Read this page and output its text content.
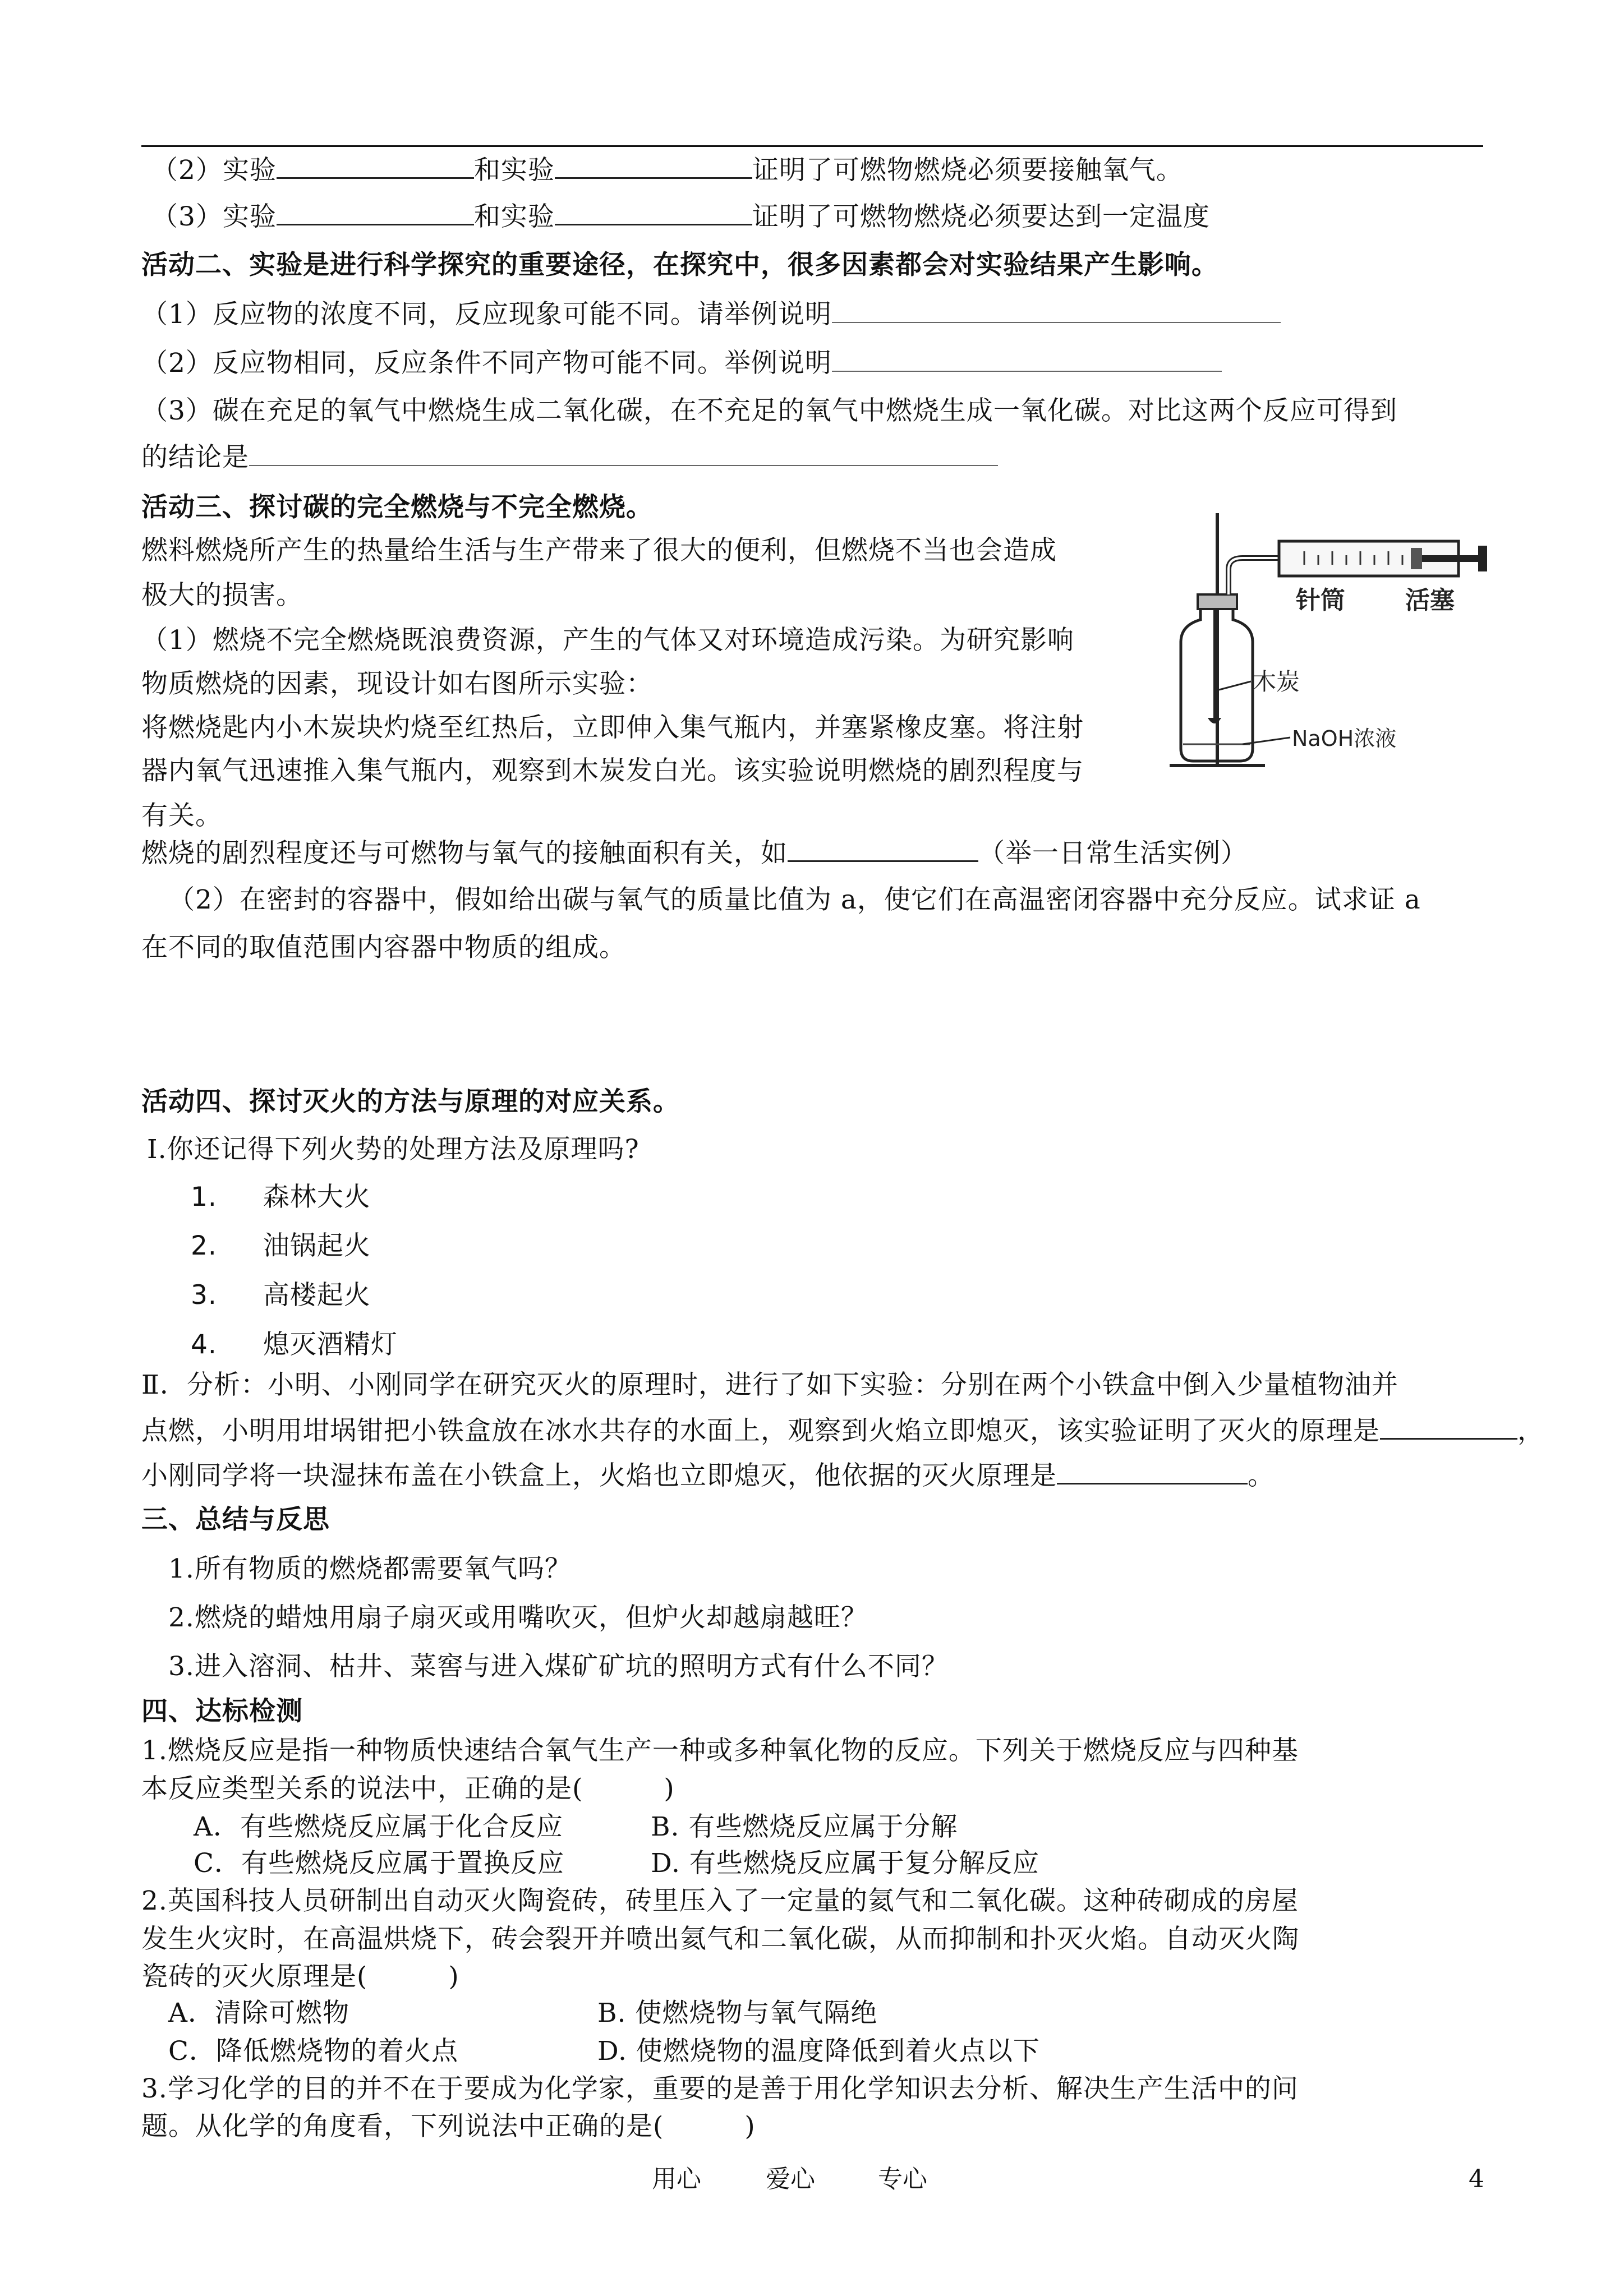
（2）实验	和实验	证明了可燃物燃烧必须要接触氧气。
（3）实验	和实验	证明了可燃物燃烧必须要达到一定温度
活动二、实验是进行科学探究的重要途径，在探究中，很多因素都会对实验结果产生影响。
（1）反应物的浓度不同，反应现象可能不同。请举例说明
（2）反应物相同，反应条件不同产物可能不同。举例说明
（3）碳在充足的氧气中燃烧生成二氧化碳，在不充足的氧气中燃烧生成一氧化碳。对比这两个反应可得到
的结论是
活动三、探讨碳的完全燃烧与不完全燃烧。
燃料燃烧所产生的热量给生活与生产带来了很大的便利，但燃烧不当也会造成
极大的损害。
（1）燃烧不完全燃烧既浪费资源，产生的气体又对环境造成污染。为研究影响
物质燃烧的因素，现设计如右图所示实验：
将燃烧匙内小木炭块灼烧至红热后，立即伸入集气瓶内，并塞紧橡皮塞。将注射
器内氧气迅速推入集气瓶内，观察到木炭发白光。该实验说明燃烧的剧烈程度与
有关。
燃烧的剧烈程度还与可燃物与氧气的接触面积有关，如	（举一日常生活实例）
（2）在密封的容器中，假如给出碳与氧气的质量比值为 a，使它们在高温密闭容器中充分反应。试求证 a
在不同的取值范围内容器中物质的组成。
针筒 活塞
木炭
NaOH浓液
活动四、探讨灭火的方法与原理的对应关系。
Ⅰ.你还记得下列火势的处理方法及原理吗?
1. 森林大火
2. 油锅起火
3. 高楼起火
4. 熄灭酒精灯
Ⅱ．分析：小明、小刚同学在研究灭火的原理时，进行了如下实验：分别在两个小铁盒中倒入少量植物油并
点燃，小明用坩埚钳把小铁盒放在冰水共存的水面上，观察到火焰立即熄灭，该实验证明了灭火的原理是	，
小刚同学将一块湿抹布盖在小铁盒上，火焰也立即熄灭，他依据的灭火原理是	。
三、总结与反思
1.所有物质的燃烧都需要氧气吗？
2.燃烧的蜡烛用扇子扇灭或用嘴吹灭，但炉火却越扇越旺？
3.进入溶洞、枯井、菜窖与进入煤矿矿坑的照明方式有什么不同？
四、达标检测
1.燃烧反应是指一种物质快速结合氧气生产一种或多种氧化物的反应。下列关于燃烧反应与四种基
本反应类型关系的说法中，正确的是(　　　)
A．有些燃烧反应属于化合反应	B. 有些燃烧反应属于分解
C．有些燃烧反应属于置换反应	D. 有些燃烧反应属于复分解反应
2.英国科技人员研制出自动灭火陶瓷砖，砖里压入了一定量的氦气和二氧化碳。这种砖砌成的房屋
发生火灾时，在高温烘烧下，砖会裂开并喷出氦气和二氧化碳，从而抑制和扑灭火焰。自动灭火陶
瓷砖的灭火原理是(　　　)
A．清除可燃物	B. 使燃烧物与氧气隔绝
C．降低燃烧物的着火点	D. 使燃烧物的温度降低到着火点以下
3.学习化学的目的并不在于要成为化学家，重要的是善于用化学知识去分析、解决生产生活中的问
题。从化学的角度看，下列说法中正确的是(　　　)
用心	爱心	专心	4
